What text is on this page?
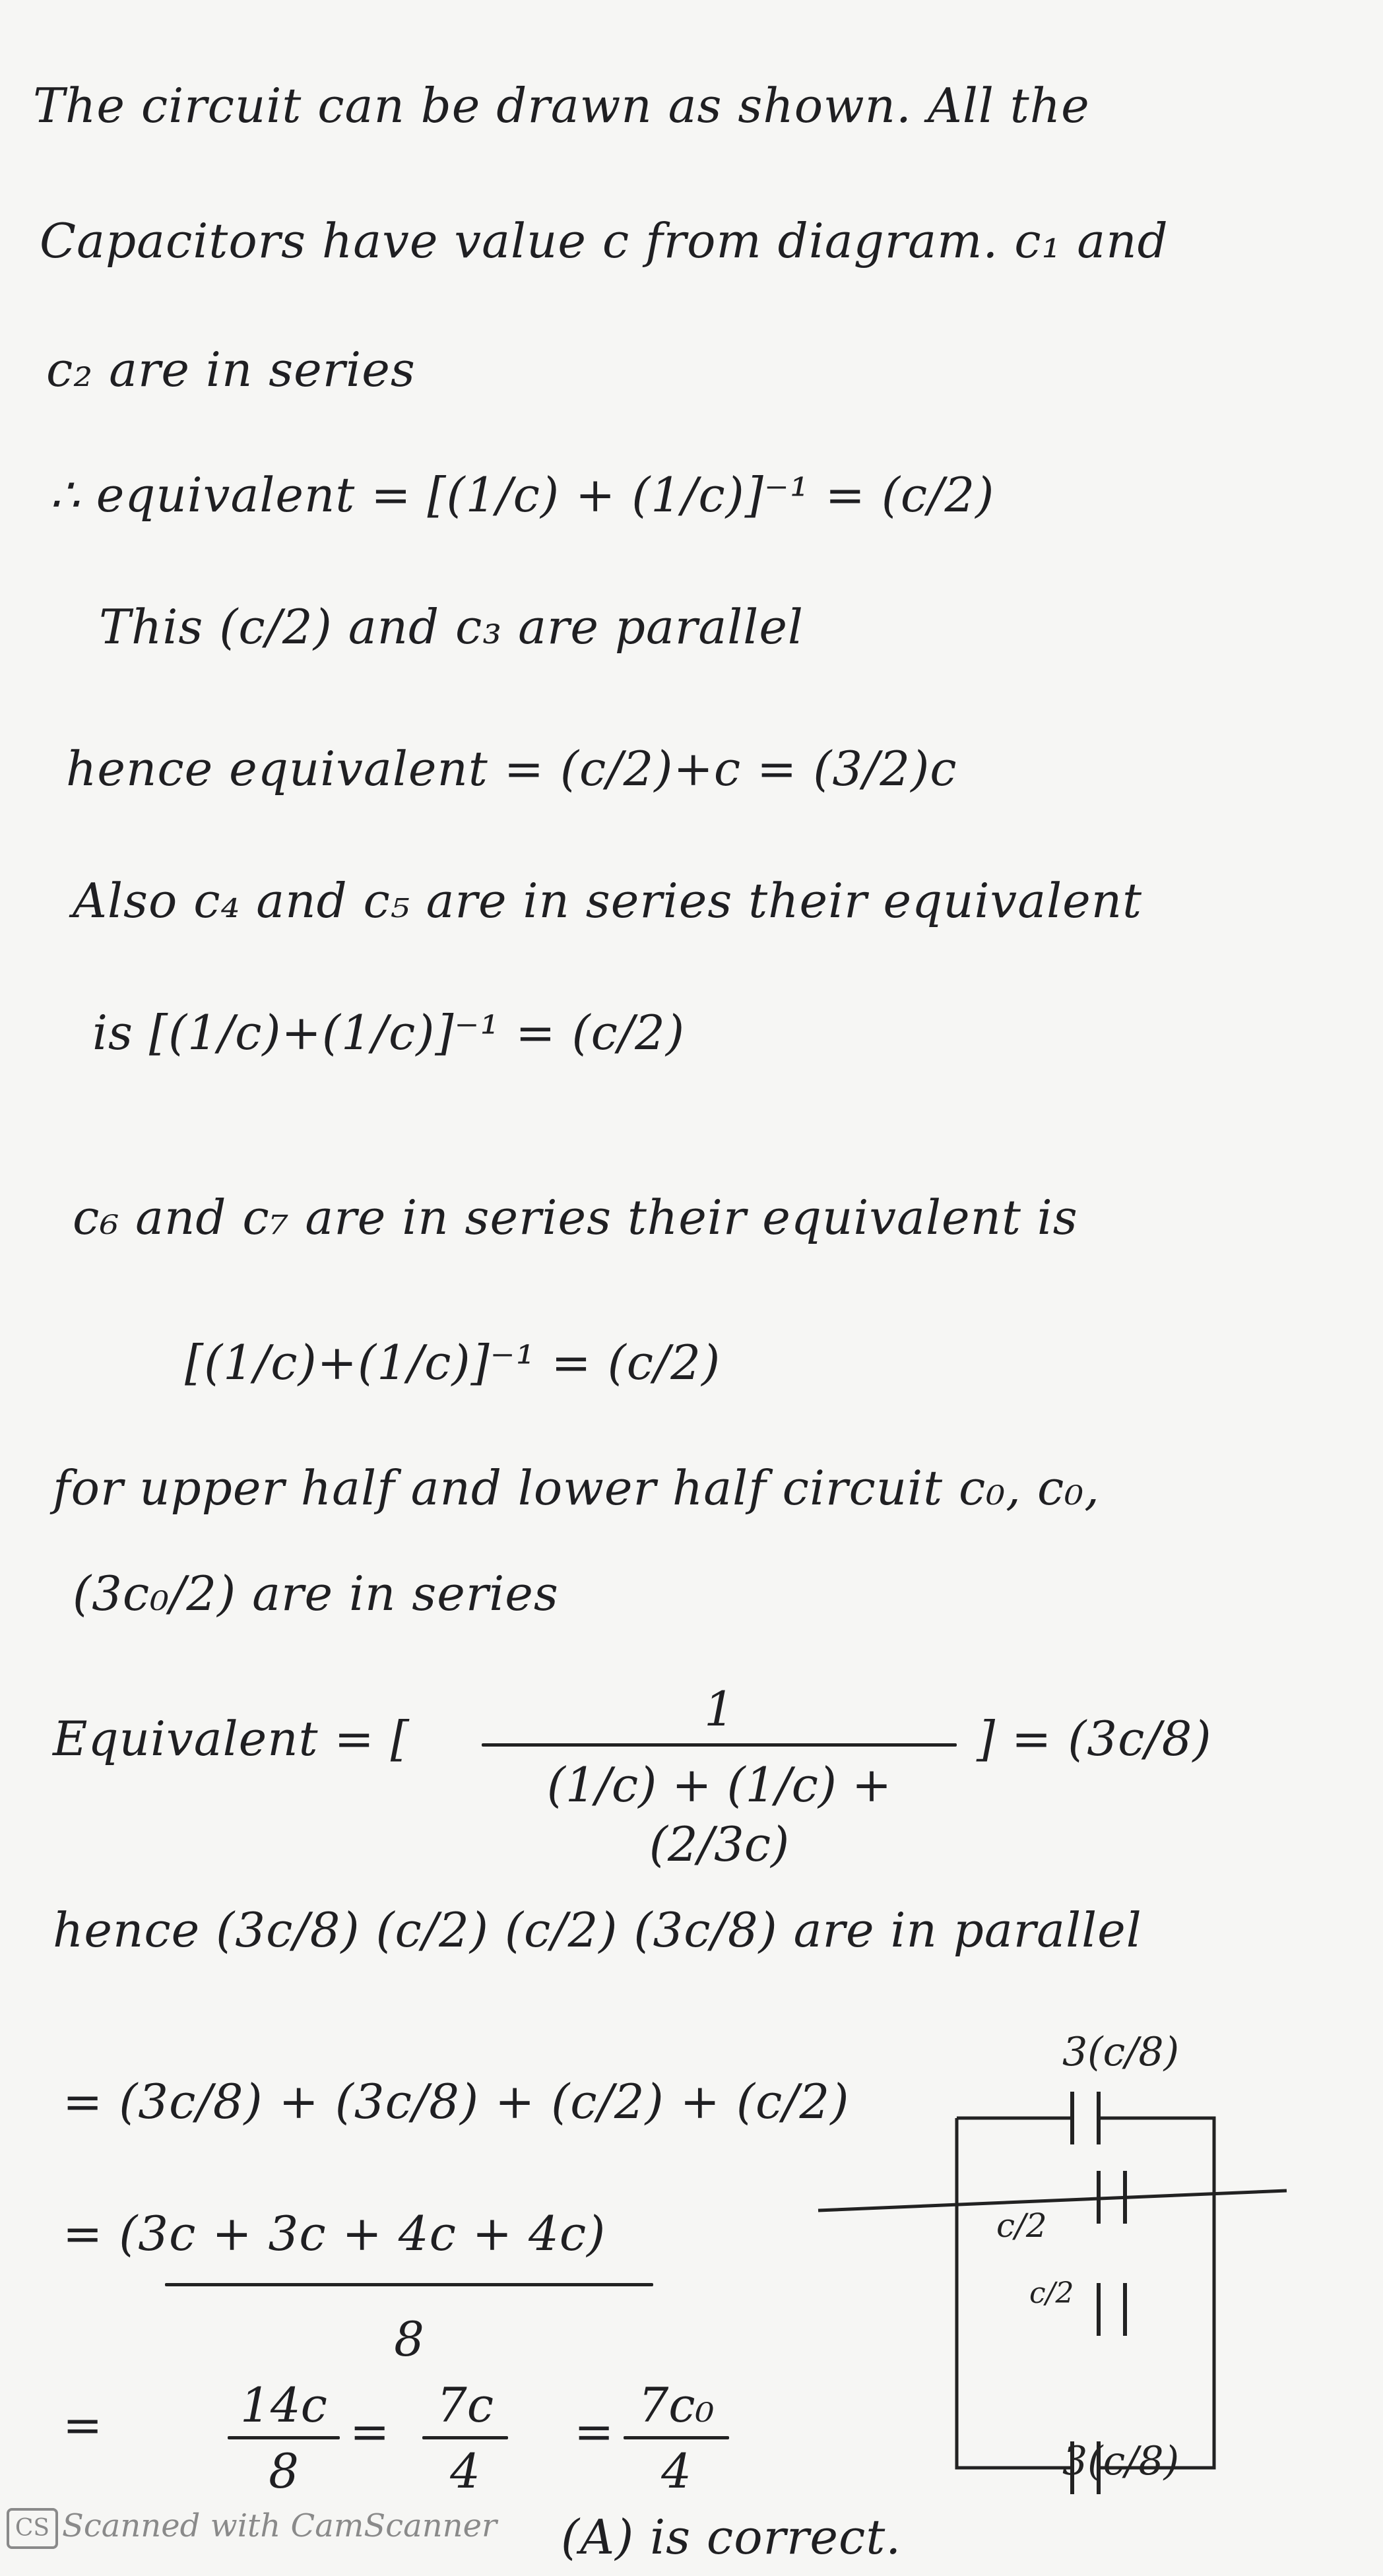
The circuit can be drawn as shown. All the
Capacitors have value c from diagram. c₁ and
c₂ are in series
∴ equivalent = [(1/c) + (1/c)]⁻¹ = (c/2)
This (c/2) and c₃ are parallel
hence equivalent = (c/2)+c = (3/2)c
Also c₄ and c₅ are in series their equivalent
is [(1/c)+(1/c)]⁻¹ = (c/2)
c₆ and c₇ are in series their equivalent is
[(1/c)+(1/c)]⁻¹ = (c/2)
for upper half and lower half circuit c₀, c₀,
(3c₀/2) are in series
Equivalent = [
1
(1/c) + (1/c) + (2/3c)
] = (3c/8)
hence (3c/8) (c/2) (c/2) (3c/8) are in parallel
= (3c/8) + (3c/8) + (c/2) + (c/2)
= (3c + 3c + 4c + 4c)
8
=	14c
8
= 7c
4
= 7c₀
4
(A) is correct.
3(c/8)
c/2
c/2
3(c/8)
CS Scanned with CamScanner
